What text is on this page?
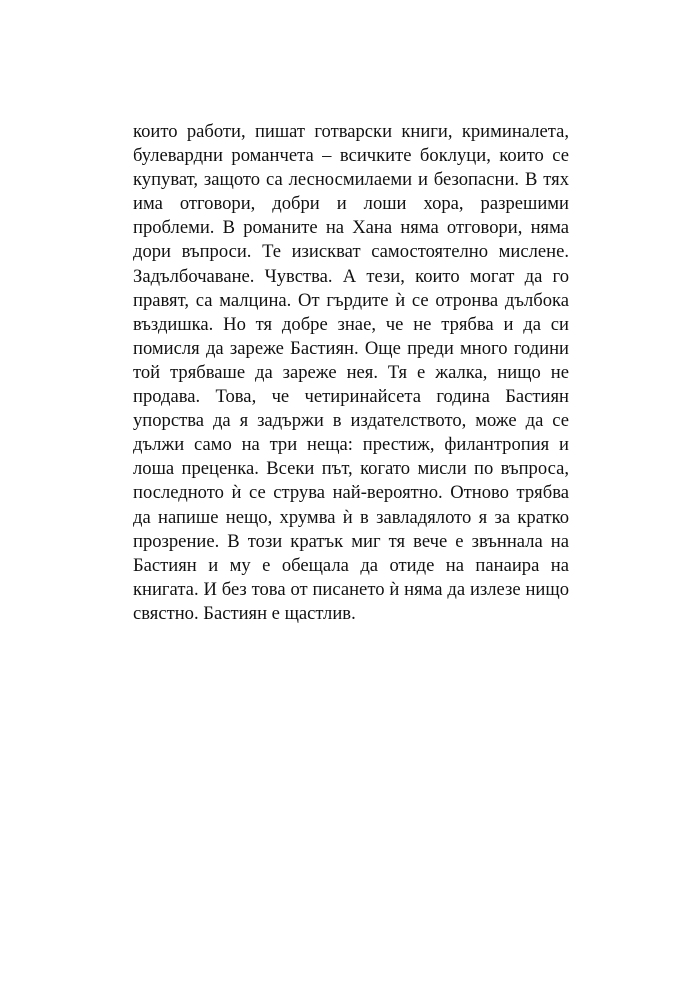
които работи, пишат готварски книги, криминалета,
булевардни романчета – всичките боклуци, които се
купуват, защото са лесносмилаеми и безопасни. В тях
има отговори, добри и лоши хора, разрешими
проблеми. В романите на Хана няма отговори, няма
дори въпроси. Те изискват самостоятелно мислене.
Задълбочаване. Чувства. А тези, които могат да го
правят, са малцина. От гърдите ѝ се отронва дълбока
въздишка. Но тя добре знае, че не трябва и да си
помисля да зареже Бастиян. Още преди много години
той трябваше да зареже нея. Тя е жалка, нищо не
продава. Това, че четиринайсета година Бастиян
упорства да я задържи в издателството, може да се
дължи само на три неща: престиж, филантропия и
лоша преценка. Всеки път, когато мисли по въпроса,
последното ѝ се струва най-вероятно. Отново трябва
да напише нещо, хрумва ѝ в завладялото я за кратко
прозрение. В този кратък миг тя вече е звъннала на
Бастиян и му е обещала да отиде на панаира на
книгата. И без това от писането ѝ няма да излезе нищо
свястно. Бастиян е щастлив.
